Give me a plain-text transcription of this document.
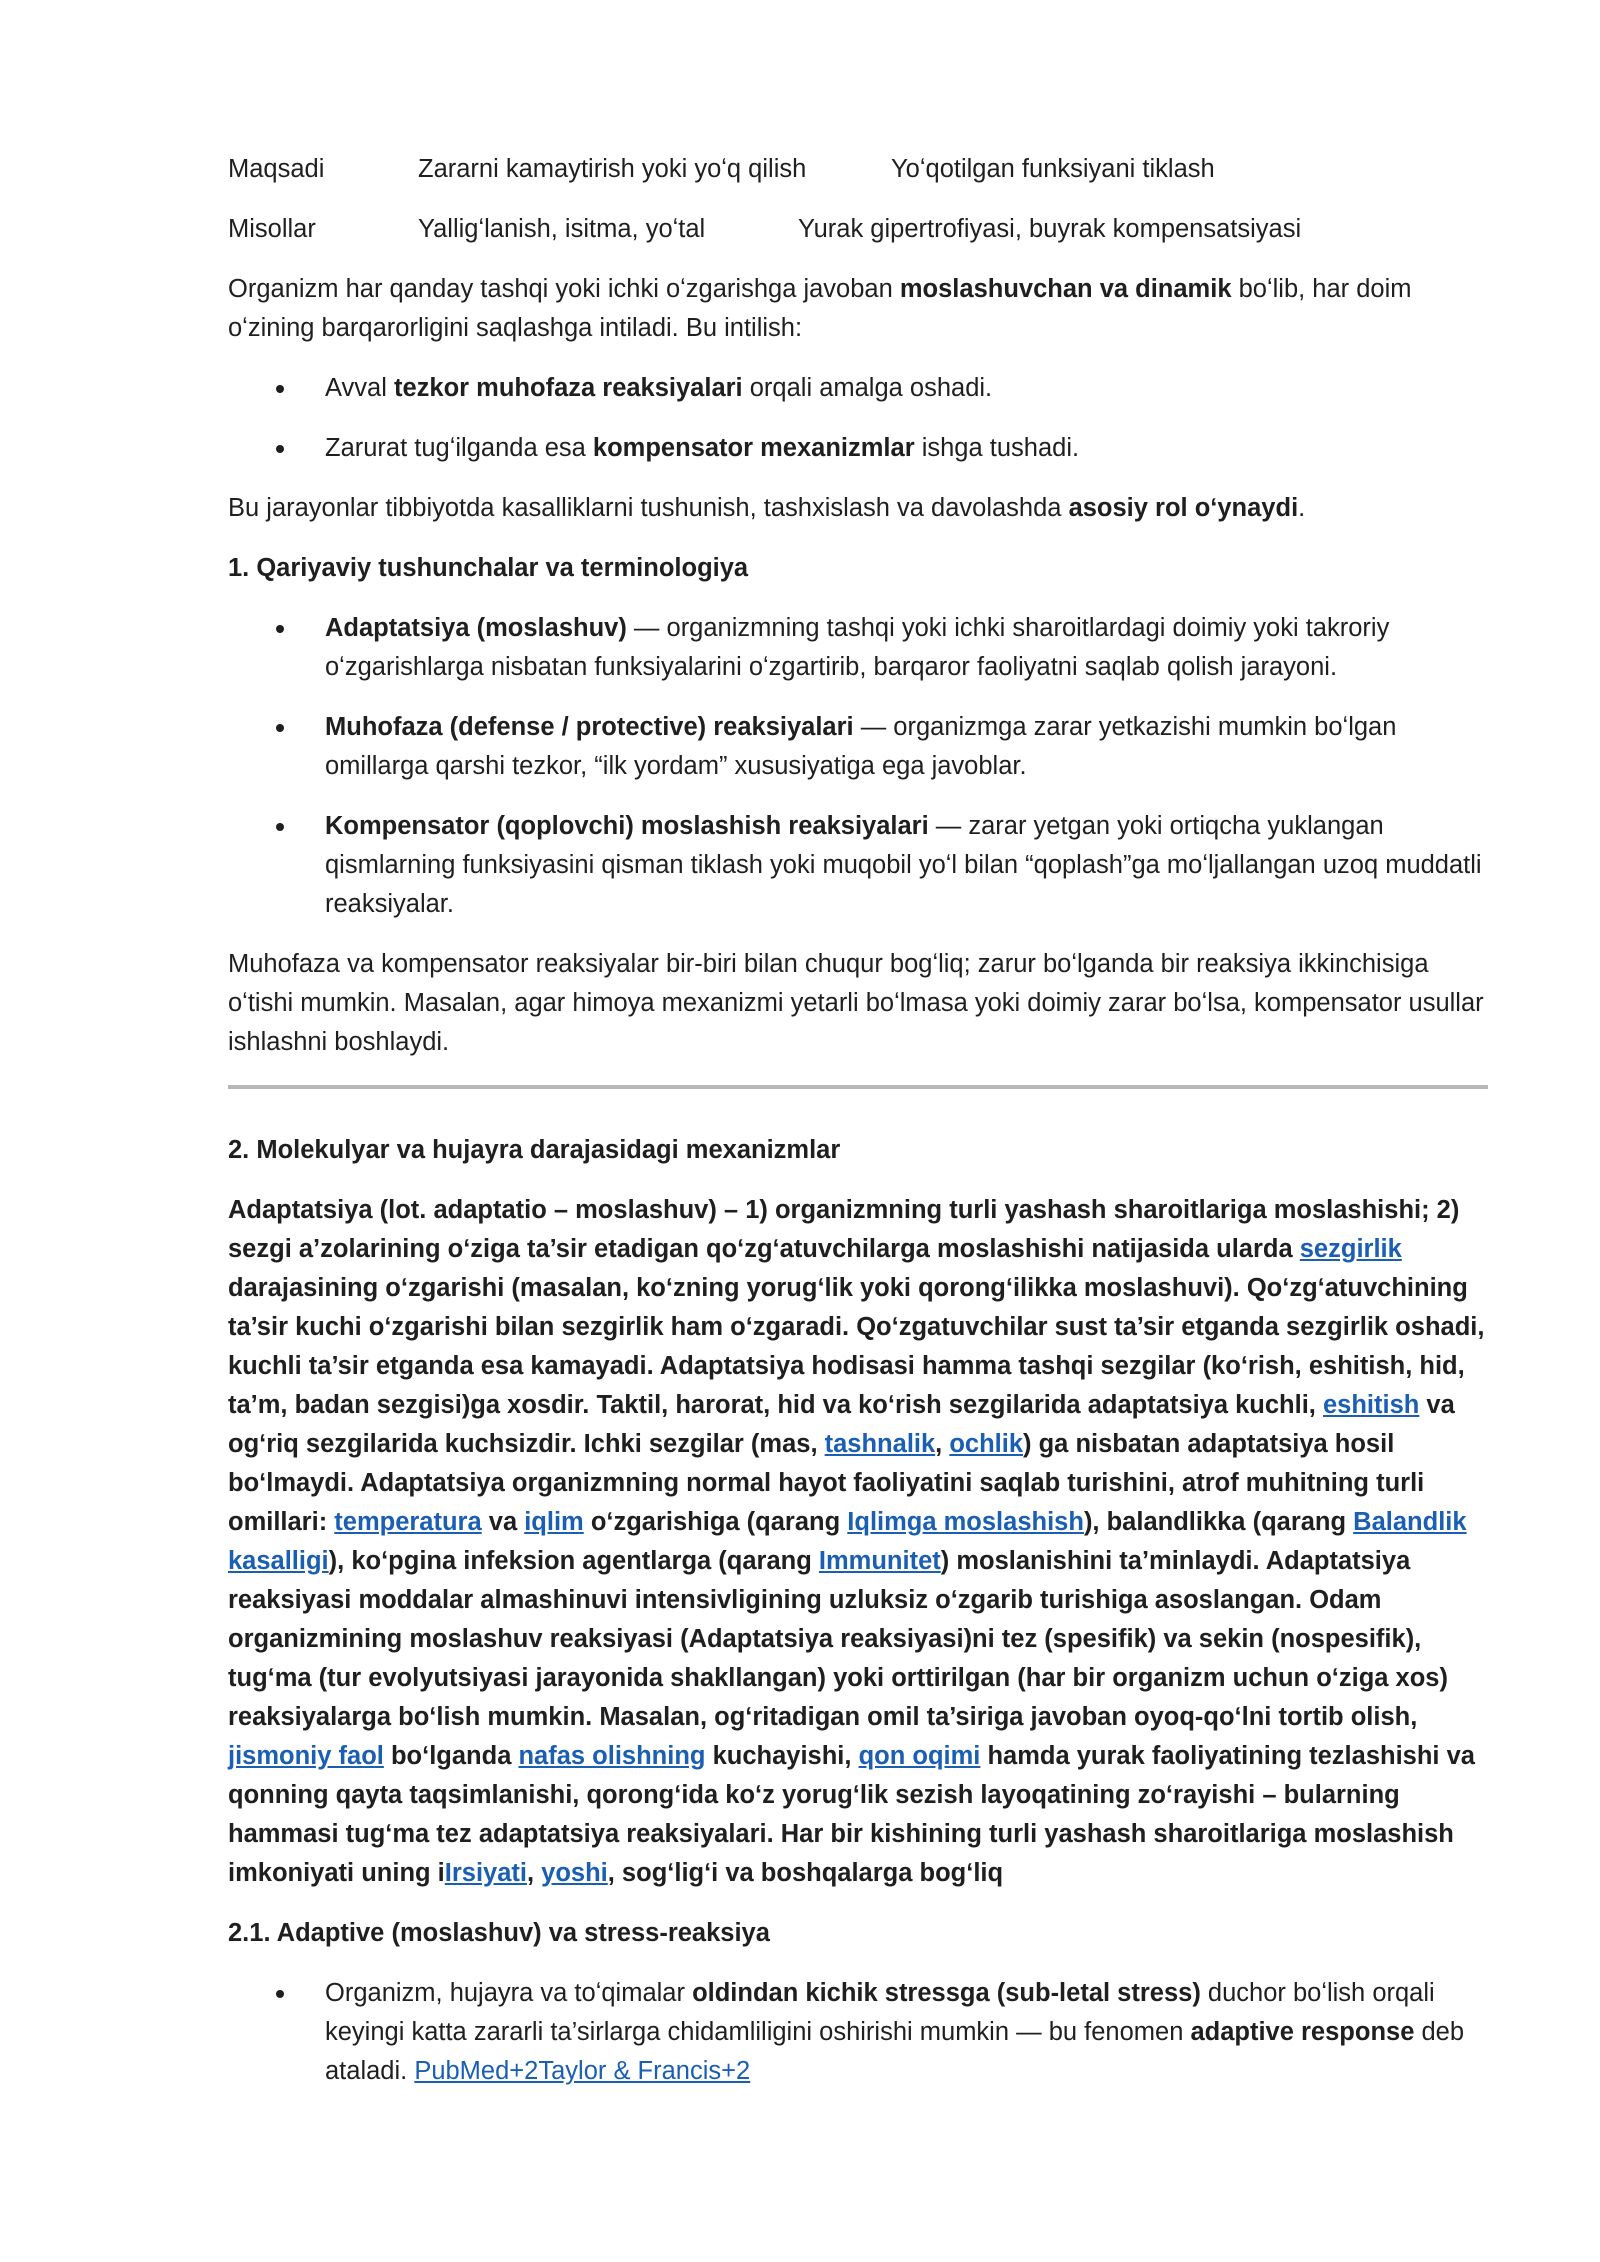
Maqsadi	Zararni kamaytirish yoki yoʻq qilish	Yoʻqotilgan funksiyani tiklash
Misollar	Yalligʻlanish, isitma, yoʻtal	Yurak gipertrofiyasi, buyrak kompensatsiyasi

Organizm har qanday tashqi yoki ichki oʻzgarishga javoban moslashuvchan va dinamik boʻlib, har doim oʻzining barqarorligini saqlashga intiladi. Bu intilish:

Avval tezkor muhofaza reaksiyalari orqali amalga oshadi.
Zarurat tugʻilganda esa kompensator mexanizmlar ishga tushadi.

Bu jarayonlar tibbiyotda kasalliklarni tushunish, tashxislash va davolashda asosiy rol oʻynaydi.

1. Qariyaviy tushunchalar va terminologiya
Adaptatsiya (moslashuv) — organizmning tashqi yoki ichki sharoitlardagi doimiy yoki takroriy oʻzgarishlarga nisbatan funksiyalarini oʻzgartirib, barqaror faoliyatni saqlab qolish jarayoni.
Muhofaza (defense / protective) reaksiyalari — organizmga zarar yetkazishi mumkin boʻlgan omillarga qarshi tezkor, “ilk yordam” xususiyatiga ega javoblar.
Kompensator (qoplovchi) moslashish reaksiyalari — zarar yetgan yoki ortiqcha yuklangan qismlarning funksiyasini qisman tiklash yoki muqobil yoʻl bilan “qoplash”ga moʻljallangan uzoq muddatli reaksiyalar.

Muhofaza va kompensator reaksiyalar bir-biri bilan chuqur bogʻliq; zarur boʻlganda bir reaksiya ikkinchisiga oʻtishi mumkin. Masalan, agar himoya mexanizmi yetarli boʻlmasa yoki doimiy zarar boʻlsa, kompensator usullar ishlashni boshlaydi.

2. Molekulyar va hujayra darajasidagi mexanizmlar

Adaptatsiya (lot. adaptatio – moslashuv) – 1) organizmning turli yashash sharoitlariga moslashishi; 2) sezgi a’zolarining oʻziga ta’sir etadigan qoʻzgʻatuvchilarga moslashishi natijasida ularda sezgirlik darajasining oʻzgarishi (masalan, koʻzning yorugʻlik yoki qorongʻilikka moslashuvi). Qoʻzgʻatuvchining ta’sir kuchi oʻzgarishi bilan sezgirlik ham oʻzgaradi. Qoʻzgatuvchilar sust ta’sir etganda sezgirlik oshadi, kuchli ta’sir etganda esa kamayadi. Adaptatsiya hodisasi hamma tashqi sezgilar (koʻrish, eshitish, hid, ta’m, badan sezgisi)ga xosdir. Taktil, harorat, hid va koʻrish sezgilarida adaptatsiya kuchli, eshitish va ogʻriq sezgilarida kuchsizdir. Ichki sezgilar (mas, tashnalik, ochlik) ga nisbatan adaptatsiya hosil boʻlmaydi. Adaptatsiya organizmning normal hayot faoliyatini saqlab turishini, atrof muhitning turli omillari: temperatura va iqlim oʻzgarishiga (qarang Iqlimga moslashish), balandlikka (qarang Balandlik kasalligi), koʻpgina infeksion agentlarga (qarang Immunitet) moslanishini ta’minlaydi. Adaptatsiya reaksiyasi moddalar almashinuvi intensivligining uzluksiz oʻzgarib turishiga asoslangan. Odam organizmining moslashuv reaksiyasi (Adaptatsiya reaksiyasi)ni tez (spesifik) va sekin (nospesifik), tugʻma (tur evolyutsiyasi jarayonida shakllangan) yoki orttirilgan (har bir organizm uchun oʻziga xos) reaksiyalarga boʻlish mumkin. Masalan, ogʻritadigan omil ta’siriga javoban oyoq-qoʻlni tortib olish, jismoniy faol boʻlganda nafas olishning kuchayishi, qon oqimi hamda yurak faoliyatining tezlashishi va qonning qayta taqsimlanishi, qorongʻida koʻz yorugʻlik sezish layoqatining zoʻrayishi – bularning hammasi tugʻma tez adaptatsiya reaksiyalari. Har bir kishining turli yashash sharoitlariga moslashish imkoniyati uning iIrsiyati, yoshi, sogʻligʻi va boshqalarga bogʻliq

2.1. Adaptive (moslashuv) va stress-reaksiya
Organizm, hujayra va toʻqimalar oldindan kichik stressga (sub-letal stress) duchor boʻlish orqali keyingi katta zararli ta’sirlarga chidamliligini oshirishi mumkin — bu fenomen adaptive response deb ataladi. PubMed+2Taylor & Francis+2
